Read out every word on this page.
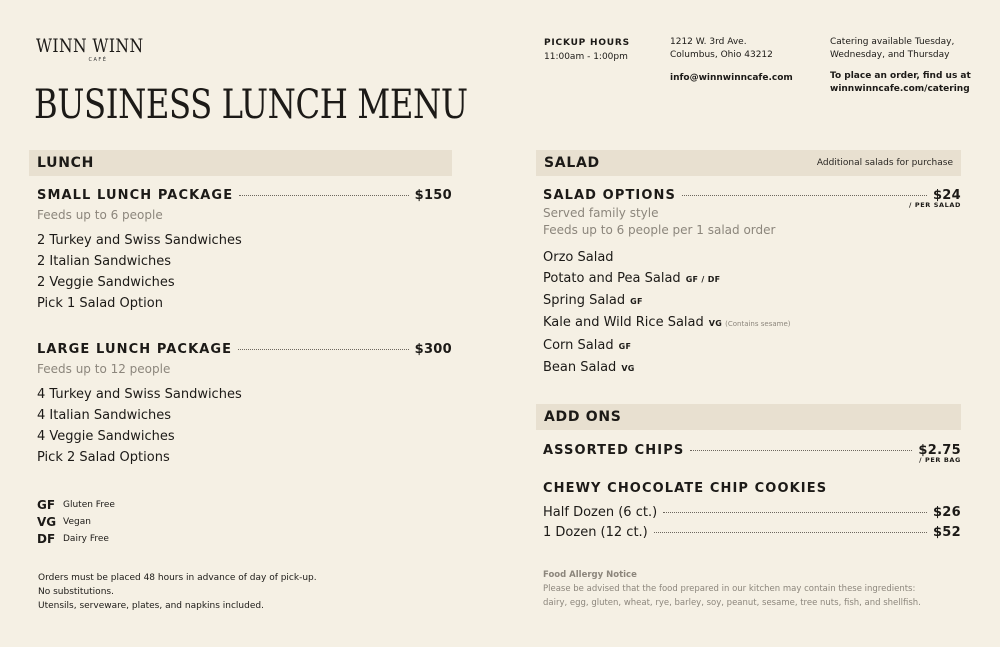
WINN WINN
CAFÉ
BUSINESS LUNCH MENU
PICKUP HOURS
11:00am - 1:00pm
1212 W. 3rd Ave.
Columbus, Ohio 43212
info@winnwinncafe.com
Catering available Tuesday,
Wednesday, and Thursday
To place an order, find us at
winnwinncafe.com/catering
LUNCH
SMALL LUNCH PACKAGE	$150
Feeds up to 6 people
2 Turkey and Swiss Sandwiches
2 Italian Sandwiches
2 Veggie Sandwiches
Pick 1 Salad Option
LARGE LUNCH PACKAGE	$300
Feeds up to 12 people
4 Turkey and Swiss Sandwiches
4 Italian Sandwiches
4 Veggie Sandwiches
Pick 2 Salad Options
GF Gluten Free
VG Vegan
DF Dairy Free
Orders must be placed 48 hours in advance of day of pick-up.
No substitutions.
Utensils, serveware, plates, and napkins included.
SALAD	Additional salads for purchase
SALAD OPTIONS	$24
/ PER SALAD
Served family style
Feeds up to 6 people per 1 salad order
Orzo Salad
Potato and Pea Salad GF / DF
Spring Salad GF
Kale and Wild Rice Salad VG (Contains sesame)
Corn Salad GF
Bean Salad VG
ADD ONS
ASSORTED CHIPS	$2.75
/ PER BAG
CHEWY CHOCOLATE CHIP COOKIES
Half Dozen (6 ct.)	$26
1 Dozen (12 ct.)	$52
Food Allergy Notice
Please be advised that the food prepared in our kitchen may contain these ingredients:
dairy, egg, gluten, wheat, rye, barley, soy, peanut, sesame, tree nuts, fish, and shellfish.
